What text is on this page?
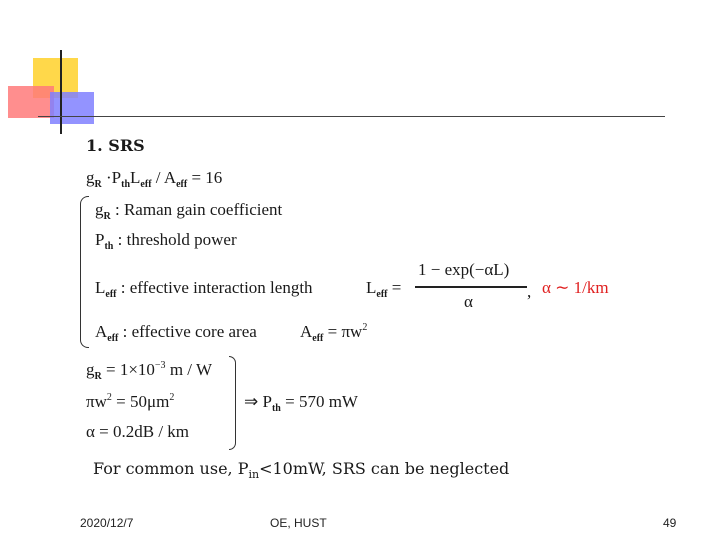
1. SRS
$g_R \cdot P_{th}L_{eff} / A_{eff} = 16$
$g_R$ : Raman gain coefficient
$P_{th}$ : threshold power
$L_{eff}$ : effective interaction length	$L_{eff}$ =
1 − exp(−αL)
α
, α ∼ 1/km
$A_{eff}$ : effective core area	$A_{eff} = \pi w^2$
$g_R = 1\times 10^{-3}$ m / W
$\pi w^2 = 50\mu m^2$
α = 0.2dB / km
⇒ $P_{th} = 570$ mW
For common use, $P_{in}<10mW$, SRS can be neglected
2020/12/7	OE, HUST	49
